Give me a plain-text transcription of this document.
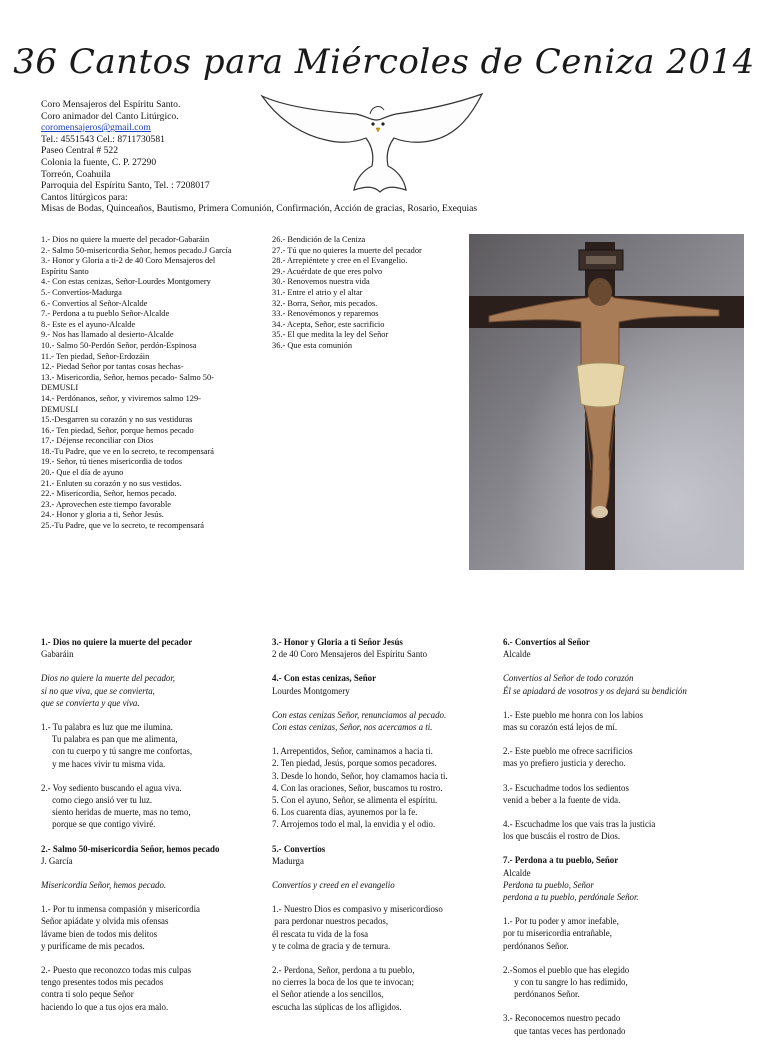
36 Cantos para Miércoles de Ceniza 2014
Coro Mensajeros del Espíritu Santo.
Coro animador del Canto Litúrgico.
coromensajeros@gmail.com
Tel.: 4551543 Cel.: 8711730581
Paseo Central # 522
Colonia la fuente, C. P. 27290
Torreón, Coahuila
Parroquia del Espíritu Santo, Tel. : 7208017
Cantos litúrgicos para:
Misas de Bodas, Quinceaños, Bautismo, Primera Comunión, Confirmación, Acción de gracias, Rosario, Exequias
1.- Dios no quiere la muerte del pecador-Gabaráin
2.- Salmo 50-misericordia Señor, hemos pecado.J García
3.- Honor y Gloria a ti-2 de 40 Coro Mensajeros del
Espíritu Santo
4.- Con estas cenizas, Señor-Lourdes Montgomery
5.- Convertíos-Madurga
6.- Convertíos al Señor-Alcalde
7.- Perdona a tu pueblo Señor-Alcalde
8.- Este es el ayuno-Alcalde
9.- Nos has llamado al desierto-Alcalde
10.- Salmo 50-Perdón Señor, perdón-Espinosa
11.- Ten piedad, Señor-Erdozáin
12.- Piedad Señor por tantas cosas hechas-
13.- Misericordia, Señor, hemos pecado- Salmo 50-
DEMUSLI
14.- Perdónanos, señor, y viviremos salmo 129-
DEMUSLI
15.-Desgarren su corazón y no sus vestiduras
16.- Ten piedad, Señor, porque hemos pecado
17.- Déjense reconciliar con Dios
18.-Tu Padre, que ve en lo secreto, te recompensará
19.- Señor, tú tienes misericordia de todos
20.- Que el día de ayuno
21.- Enluten su corazón y no sus vestidos.
22.- Misericordia, Señor, hemos pecado.
23.- Aprovechen este tiempo favorable
24.- Honor y gloria a ti, Señor Jesús.
25.-Tu Padre, que ve lo secreto, te recompensará
26.- Bendición de la Ceniza
27.- Tú que no quieres la muerte del pecador
28.- Arrepiéntete y cree en el Evangelio.
29.- Acuérdate de que eres polvo
30.- Renovemos nuestra vida
31.- Entre el atrio y el altar
32.- Borra, Señor, mis pecados.
33.- Renovémonos y reparemos
34.- Acepta, Señor, este sacrificio
35.- El que medita la ley del Señor
36.- Que esta comunión
1.- Dios no quiere la muerte del pecador
Gabaráin
Dios no quiere la muerte del pecador,
si no que viva, que se convierta,
que se convierta y que viva.
1.- Tu palabra es luz que me ilumina.
Tu palabra es pan que me alimenta,
con tu cuerpo y tú sangre me confortas,
y me haces vivir tu misma vida.
2.- Voy sediento buscando el agua viva.
como ciego ansió ver tu luz.
siento heridas de muerte, mas no temo,
porque se que contigo viviré.
2.- Salmo 50-misericordia Señor, hemos pecado
J. García
Misericordia Señor, hemos pecado.
1.- Por tu inmensa compasión y misericordia
Señor apiádate y olvida mis ofensas
lávame bien de todos mis delitos
y purifícame de mis pecados.
2.- Puesto que reconozco todas mis culpas
tengo presentes todos mis pecados
contra ti solo peque Señor
haciendo lo que a tus ojos era malo.
3.- Honor y Gloria a ti Señor Jesús
2 de 40 Coro Mensajeros del Espíritu Santo
4.- Con estas cenizas, Señor
Lourdes Montgomery
Con estas cenizas Señor, renunciamos al pecado.
Con estas cenizas, Señor, nos acercamos a ti.
1. Arrepentidos, Señor, caminamos a hacia ti.
2. Ten piedad, Jesús, porque somos pecadores.
3. Desde lo hondo, Señor, hoy clamamos hacia ti.
4. Con las oraciones, Señor, buscamos tu rostro.
5. Con el ayuno, Señor, se alimenta el espíritu.
6. Los cuarenta días, ayunemos por la fe.
7. Arrojemos todo el mal, la envidia y el odio.
5.- Convertíos
Madurga
Convertíos y creed en el evangelio
1.- Nuestro Dios es compasivo y misericordioso
para perdonar nuestros pecados,
él rescata tu vida de la fosa
y te colma de gracia y de ternura.
2.- Perdona, Señor, perdona a tu pueblo,
no cierres la boca de los que te invocan;
el Señor atiende a los sencillos,
escucha las súplicas de los afligidos.
6.- Convertíos al Señor
Alcalde
Convertíos al Señor de todo corazón
Él se apiadará de vosotros y os dejará su bendición
1.- Este pueblo me honra con los labios
mas su corazón está lejos de mí.
2.- Este pueblo me ofrece sacrificios
mas yo prefiero justicia y derecho.
3.- Escuchadme todos los sedientos
venid a beber a la fuente de vida.
4.- Escuchadme los que vais tras la justicia
los que buscáis el rostro de Dios.
7.- Perdona a tu pueblo, Señor
Alcalde
Perdona tu pueblo, Señor
perdona a tu pueblo, perdónale Señor.
1.- Por tu poder y amor inefable,
por tu misericordia entrañable,
perdónanos Señor.
2.-Somos el pueblo que has elegido
y con tu sangre lo has redimido,
perdónanos Señor.
3.- Reconocemos nuestro pecado
que tantas veces has perdonado
